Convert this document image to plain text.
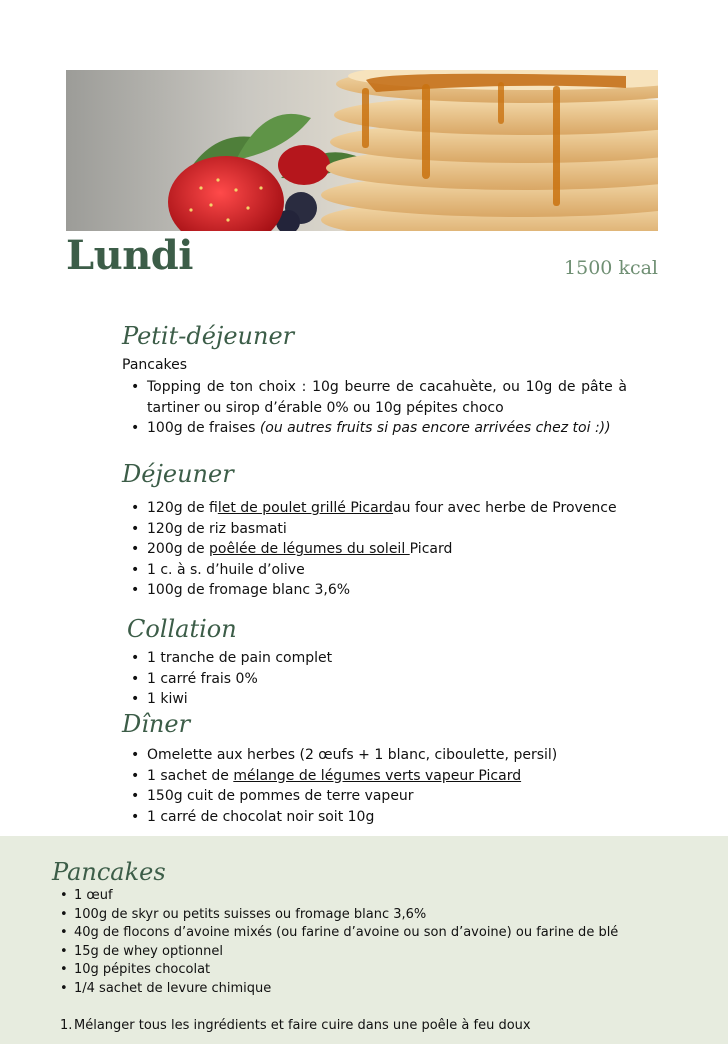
Lundi	1500 kcal
Petit-déjeuner
Pancakes
• Topping de ton choix : 10g beurre de cacahuète, ou 10g de pâte à tartiner ou sirop d’érable 0% ou 10g pépites choco
• 100g de fraises (ou autres fruits si pas encore arrivées chez toi :))
Déjeuner
• 120g de filet de poulet grillé Picardau four avec herbe de Provence
• 120g de riz basmati
• 200g de poêlée de légumes du soleil Picard
• 1 c. à s. d’huile d’olive
• 100g de fromage blanc 3,6%
Collation
• 1 tranche de pain complet
• 1 carré frais 0%
• 1 kiwi
Dîner
• Omelette aux herbes (2 œufs + 1 blanc, ciboulette, persil)
• 1 sachet de mélange de légumes verts vapeur Picard
• 150g cuit de pommes de terre vapeur
• 1 carré de chocolat noir soit 10g
Pancakes
• 1 œuf
• 100g de skyr ou petits suisses ou fromage blanc 3,6%
• 40g de flocons d’avoine mixés (ou farine d’avoine ou son d’avoine) ou farine de blé
• 15g de whey optionnel
• 10g pépites chocolat
• 1/4 sachet de levure chimique
1. Mélanger tous les ingrédients et faire cuire dans une poêle à feu doux
